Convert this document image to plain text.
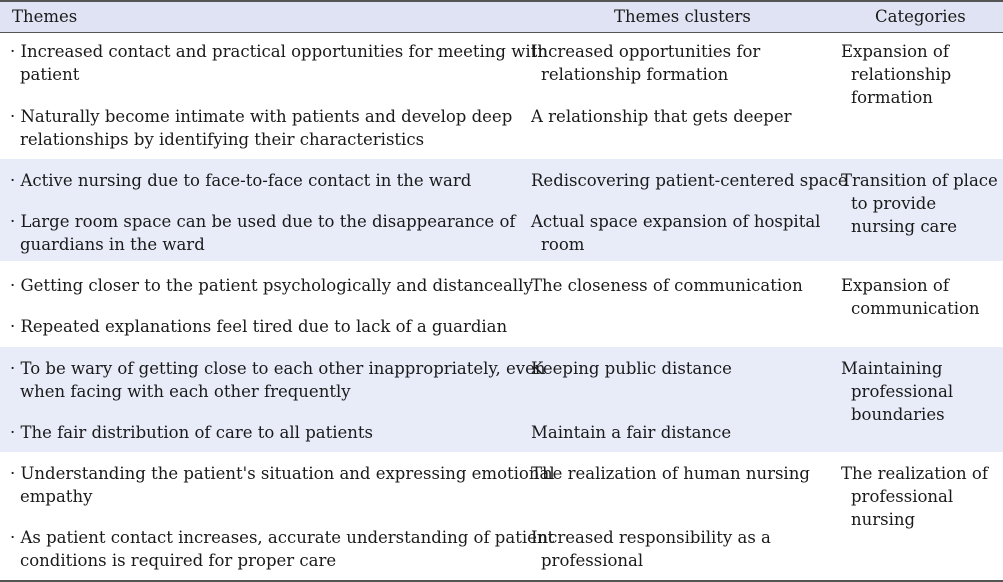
Themes	Themes clusters	Categories
· Increased contact and practical opportunities for meeting with
patient
· Naturally become intimate with patients and develop deep
relationships by identifying their characteristics
Increased opportunities for
relationship formation
A relationship that gets deeper
Expansion of
relationship
formation
· Active nursing due to face-to-face contact in the ward
· Large room space can be used due to the disappearance of
guardians in the ward
Rediscovering patient-centered space
Actual space expansion of hospital
room
Transition of place
to provide
nursing care
· Getting closer to the patient psychologically and distanceally
· Repeated explanations feel tired due to lack of a guardian
The closeness of communication Expansion of
communication
· To be wary of getting close to each other inappropriately, even
when facing with each other frequently
· The fair distribution of care to all patients
Keeping public distance
Maintain a fair distance
Maintaining
professional
boundaries
· Understanding the patient's situation and expressing emotional
empathy
· As patient contact increases, accurate understanding of patient
conditions is required for proper care
The realization of human nursing
Increased responsibility as a
professional
The realization of
professional
nursing
